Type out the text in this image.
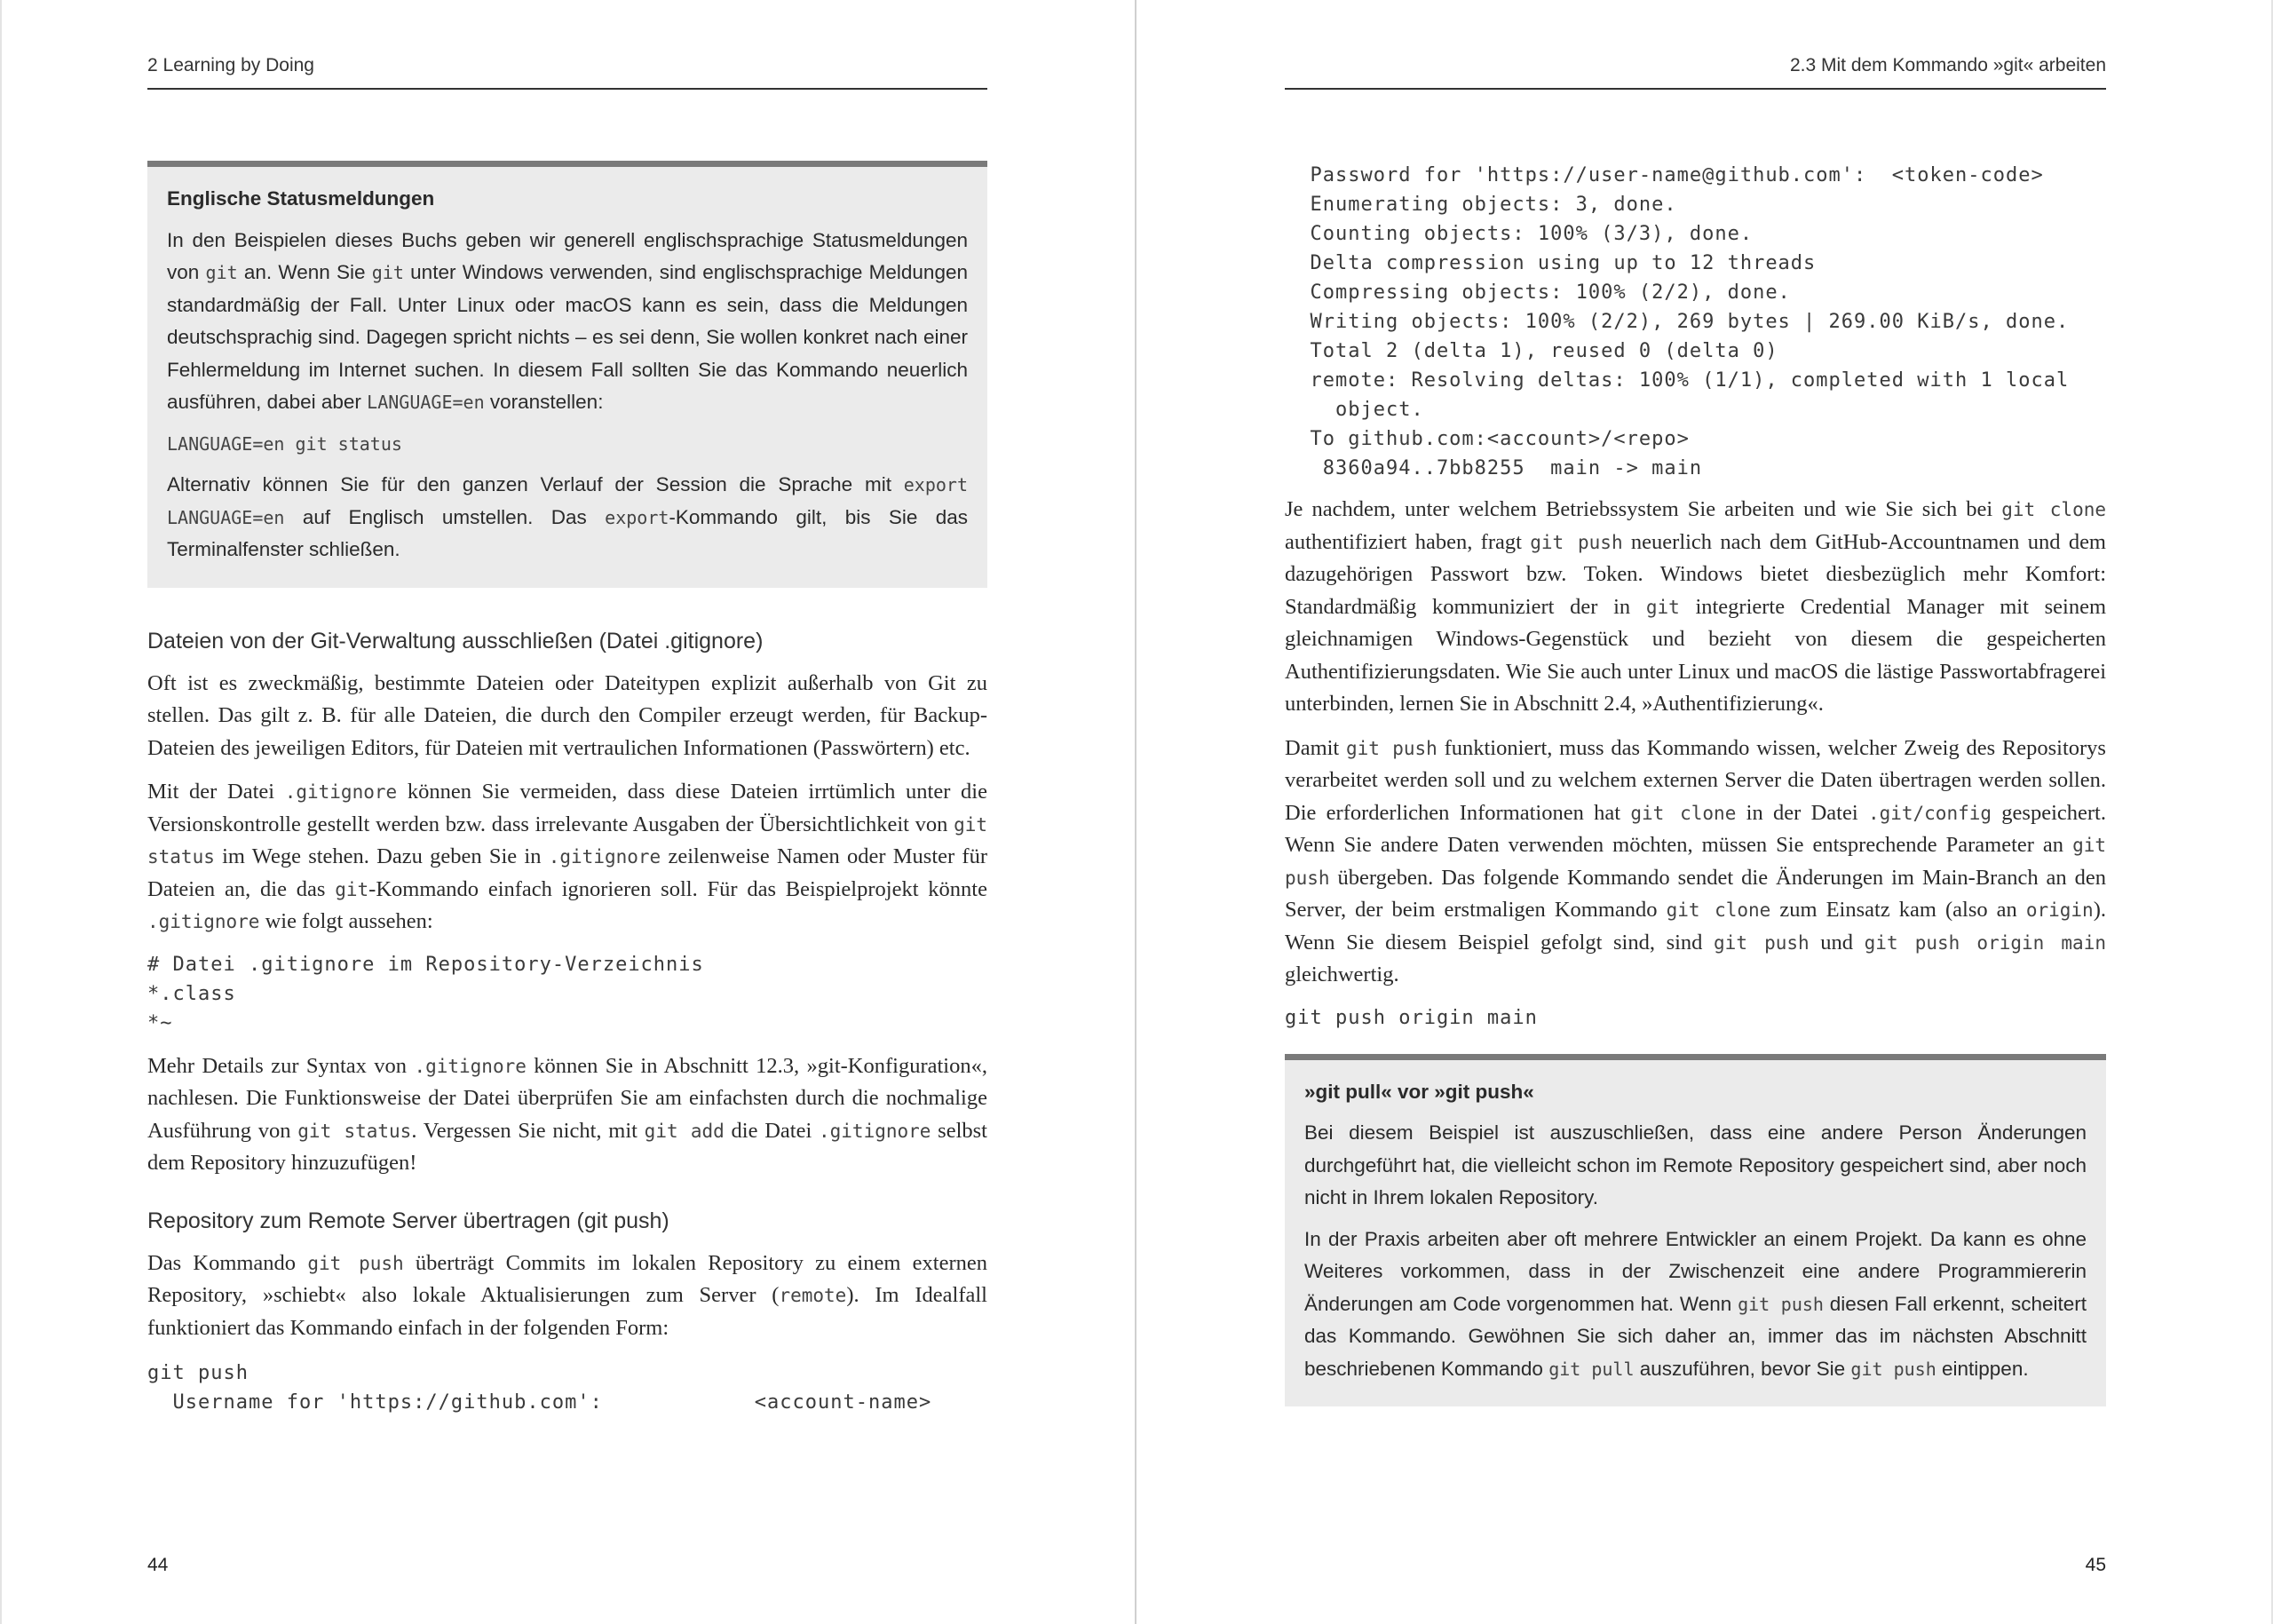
2 Learning by Doing
Englische Statusmeldungen

In den Beispielen dieses Buchs geben wir generell englischsprachige Statusmeldungen von git an. Wenn Sie git unter Windows verwenden, sind englischsprachige Meldungen standardmäßig der Fall. Unter Linux oder macOS kann es sein, dass die Meldungen deutschsprachig sind. Dagegen spricht nichts – es sei denn, Sie wollen konkret nach einer Fehlermeldung im Internet suchen. In diesem Fall sollten Sie das Kommando neuerlich ausführen, dabei aber LANGUAGE=en voranstellen:

LANGUAGE=en git status

Alternativ können Sie für den ganzen Verlauf der Session die Sprache mit export LANGUAGE=en auf Englisch umstellen. Das export-Kommando gilt, bis Sie das Terminalfenster schließen.

Dateien von der Git-Verwaltung ausschließen (Datei .gitignore)

Oft ist es zweckmäßig, bestimmte Dateien oder Dateitypen explizit außerhalb von Git zu stellen. Das gilt z. B. für alle Dateien, die durch den Compiler erzeugt werden, für Backup-Dateien des jeweiligen Editors, für Dateien mit vertraulichen Informationen (Passwörtern) etc.

Mit der Datei .gitignore können Sie vermeiden, dass diese Dateien irrtümlich unter die Versionskontrolle gestellt werden bzw. dass irrelevante Ausgaben der Übersichtlichkeit von git status im Wege stehen. Dazu geben Sie in .gitignore zeilenweise Namen oder Muster für Dateien an, die das git-Kommando einfach ignorieren soll. Für das Beispielprojekt könnte .gitignore wie folgt aussehen:

# Datei .gitignore im Repository-Verzeichnis
*.class
*~

Mehr Details zur Syntax von .gitignore können Sie in Abschnitt 12.3, »git-Konfiguration«, nachlesen. Die Funktionsweise der Datei überprüfen Sie am einfachsten durch die nochmalige Ausführung von git status. Vergessen Sie nicht, mit git add die Datei .gitignore selbst dem Repository hinzuzufügen!

Repository zum Remote Server übertragen (git push)

Das Kommando git push überträgt Commits im lokalen Repository zu einem externen Repository, »schiebt« also lokale Aktualisierungen zum Server (remote). Im Idealfall funktioniert das Kommando einfach in der folgenden Form:

git push
Username for 'https://github.com':            <account-name>
44
2.3 Mit dem Kommando »git« arbeiten
Password for 'https://user-name@github.com':  <token-code>
Enumerating objects: 3, done.
Counting objects: 100% (3/3), done.
Delta compression using up to 12 threads
Compressing objects: 100% (2/2), done.
Writing objects: 100% (2/2), 269 bytes | 269.00 KiB/s, done.
Total 2 (delta 1), reused 0 (delta 0)
remote: Resolving deltas: 100% (1/1), completed with 1 local
object.
To github.com:<account>/<repo>
8360a94..7bb8255  main -> main

Je nachdem, unter welchem Betriebssystem Sie arbeiten und wie Sie sich bei git clone authentifiziert haben, fragt git push neuerlich nach dem GitHub-Accountnamen und dem dazugehörigen Passwort bzw. Token. Windows bietet diesbezüglich mehr Komfort: Standardmäßig kommuniziert der in git integrierte Credential Manager mit seinem gleichnamigen Windows-Gegenstück und bezieht von diesem die gespeicherten Authentifizierungsdaten. Wie Sie auch unter Linux und macOS die lästige Passwortabfragerei unterbinden, lernen Sie in Abschnitt 2.4, »Authentifizierung«.

Damit git push funktioniert, muss das Kommando wissen, welcher Zweig des Repositorys verarbeitet werden soll und zu welchem externen Server die Daten übertragen werden sollen. Die erforderlichen Informationen hat git clone in der Datei .git/config gespeichert. Wenn Sie andere Daten verwenden möchten, müssen Sie entsprechende Parameter an git push übergeben. Das folgende Kommando sendet die Änderungen im Main-Branch an den Server, der beim erstmaligen Kommando git clone zum Einsatz kam (also an origin). Wenn Sie diesem Beispiel gefolgt sind, sind git push und git push origin main gleichwertig.

git push origin main
»git pull« vor »git push«

Bei diesem Beispiel ist auszuschließen, dass eine andere Person Änderungen durchgeführt hat, die vielleicht schon im Remote Repository gespeichert sind, aber noch nicht in Ihrem lokalen Repository.

In der Praxis arbeiten aber oft mehrere Entwickler an einem Projekt. Da kann es ohne Weiteres vorkommen, dass in der Zwischenzeit eine andere Programmiererin Änderungen am Code vorgenommen hat. Wenn git push diesen Fall erkennt, scheitert das Kommando. Gewöhnen Sie sich daher an, immer das im nächsten Abschnitt beschriebenen Kommando git pull auszuführen, bevor Sie git push eintippen.

45
